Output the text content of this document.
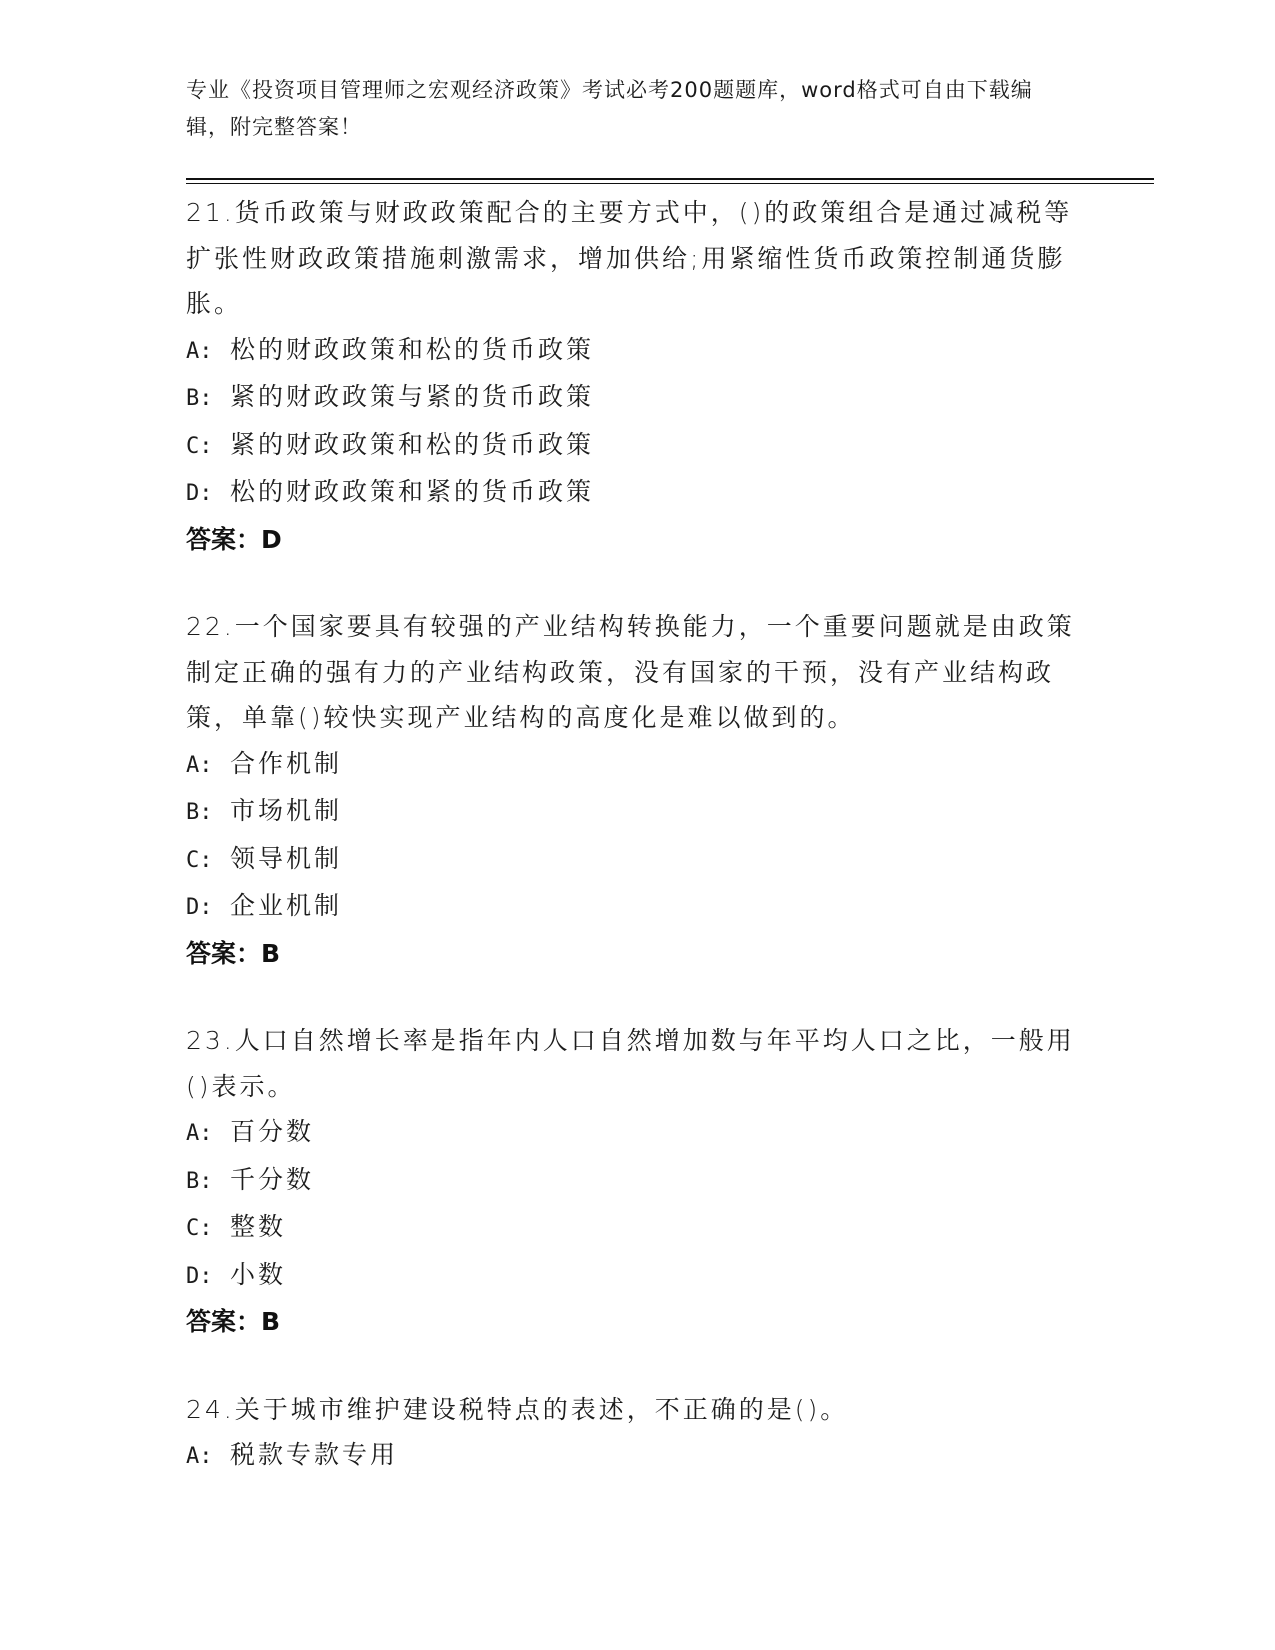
专业《投资项目管理师之宏观经济政策》考试必考200题题库，word格式可自由下载编辑，附完整答案！
21.货币政策与财政政策配合的主要方式中，()的政策组合是通过减税等扩张性财政政策措施刺激需求，增加供给;用紧缩性货币政策控制通货膨胀。
A: 松的财政政策和松的货币政策
B: 紧的财政政策与紧的货币政策
C: 紧的财政政策和松的货币政策
D: 松的财政政策和紧的货币政策
答案：D
22.一个国家要具有较强的产业结构转换能力，一个重要问题就是由政策制定正确的强有力的产业结构政策，没有国家的干预，没有产业结构政策，单靠()较快实现产业结构的高度化是难以做到的。
A: 合作机制
B: 市场机制
C: 领导机制
D: 企业机制
答案：B
23.人口自然增长率是指年内人口自然增加数与年平均人口之比，一般用()表示。
A: 百分数
B: 千分数
C: 整数
D: 小数
答案：B
24.关于城市维护建设税特点的表述，不正确的是()。
A: 税款专款专用
